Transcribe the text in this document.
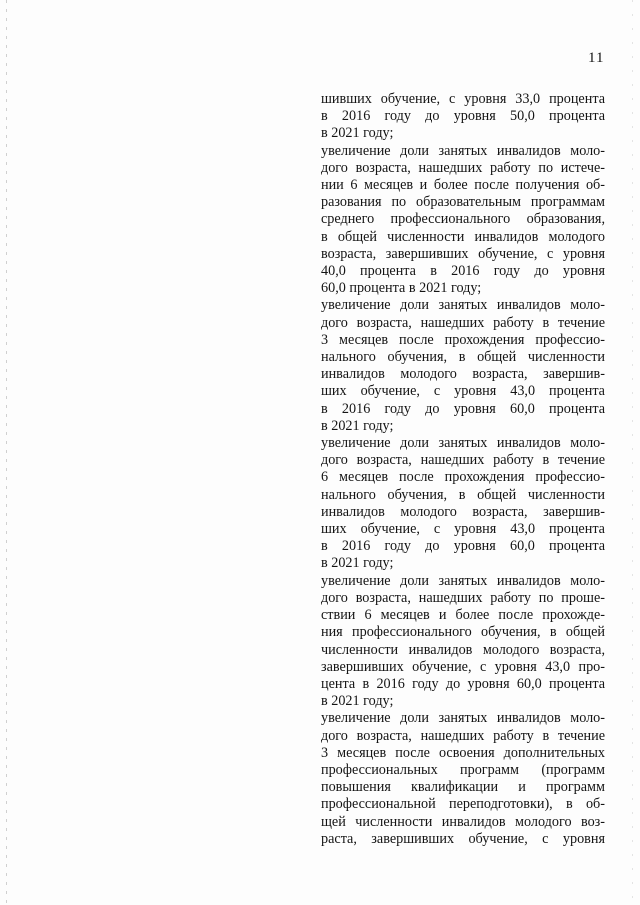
11
шивших обучение, с уровня 33,0 процента
в 2016 году до уровня 50,0 процента
в 2021 году;
увеличение доли занятых инвалидов моло-
дого возраста, нашедших работу по истече-
нии 6 месяцев и более после получения об-
разования по образовательным программам
среднего профессионального образования,
в общей численности инвалидов молодого
возраста, завершивших обучение, с уровня
40,0 процента в 2016 году до уровня
60,0 процента в 2021 году;
увеличение доли занятых инвалидов моло-
дого возраста, нашедших работу в течение
3 месяцев после прохождения профессио-
нального обучения, в общей численности
инвалидов молодого возраста, завершив-
ших обучение, с уровня 43,0 процента
в 2016 году до уровня 60,0 процента
в 2021 году;
увеличение доли занятых инвалидов моло-
дого возраста, нашедших работу в течение
6 месяцев после прохождения профессио-
нального обучения, в общей численности
инвалидов молодого возраста, завершив-
ших обучение, с уровня 43,0 процента
в 2016 году до уровня 60,0 процента
в 2021 году;
увеличение доли занятых инвалидов моло-
дого возраста, нашедших работу по проше-
ствии 6 месяцев и более после прохожде-
ния профессионального обучения, в общей
численности инвалидов молодого возраста,
завершивших обучение, с уровня 43,0 про-
цента в 2016 году до уровня 60,0 процента
в 2021 году;
увеличение доли занятых инвалидов моло-
дого возраста, нашедших работу в течение
3 месяцев после освоения дополнительных
профессиональных программ (программ
повышения квалификации и программ
профессиональной переподготовки), в об-
щей численности инвалидов молодого воз-
раста, завершивших обучение, с уровня
